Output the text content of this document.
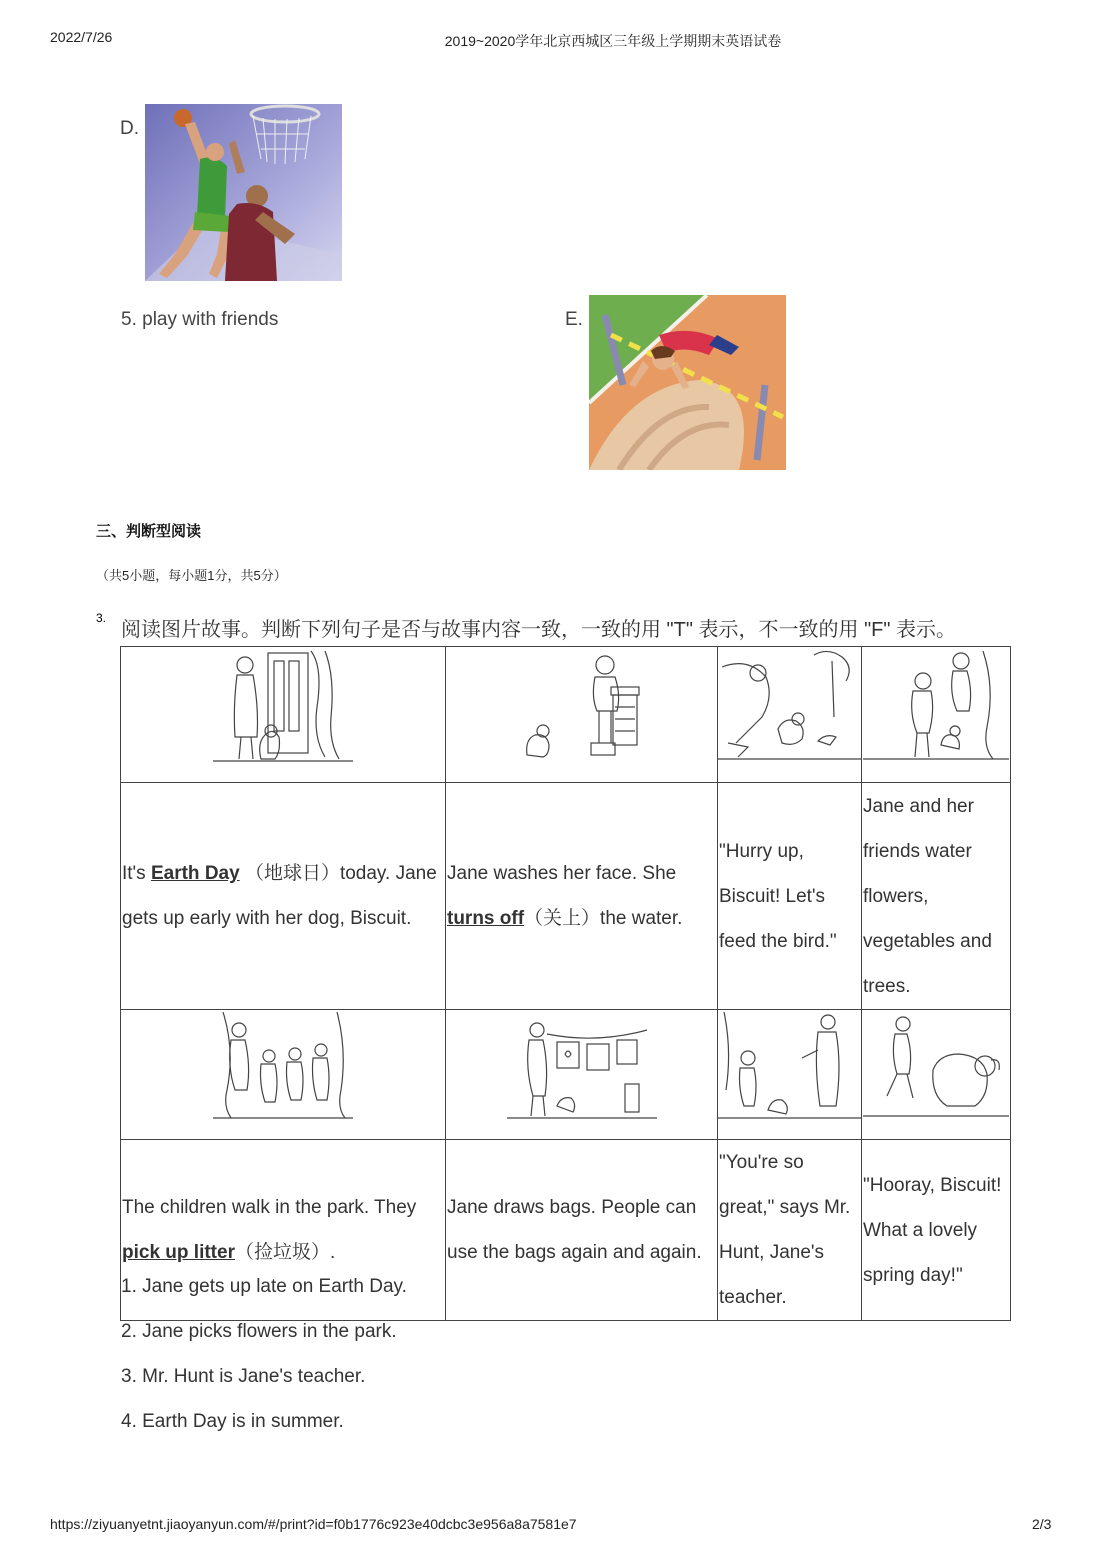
2022/7/26	2019~2020学年北京西城区三年级上学期期末英语试卷
D.
5. play with friends	E.
三、判断型阅读
（共5小题，每小题1分，共5分）
3.
阅读图片故事。判断下列句子是否与故事内容一致，一致的用 "T" 表示，不一致的用 "F" 表示。

It's Earth Day （地球日）today. Jane gets up early with her dog, Biscuit.	Jane washes her face. She turns off（关上）the water.	"Hurry up, Biscuit! Let's feed the bird."	Jane and her friends water flowers, vegetables and trees.

The children walk in the park. They pick up litter（捡垃圾）.	Jane draws bags. People can use the bags again and again.	"You're so great," says Mr. Hunt, Jane's teacher.	"Hooray, Biscuit! What a lovely spring day!"
1. Jane gets up late on Earth Day.
2. Jane picks flowers in the park.
3. Mr. Hunt is Jane's teacher.
4. Earth Day is in summer.
https://ziyuanyetnt.jiaoyanyun.com/#/print?id=f0b1776c923e40dcbc3e956a8a7581e7	2/3
